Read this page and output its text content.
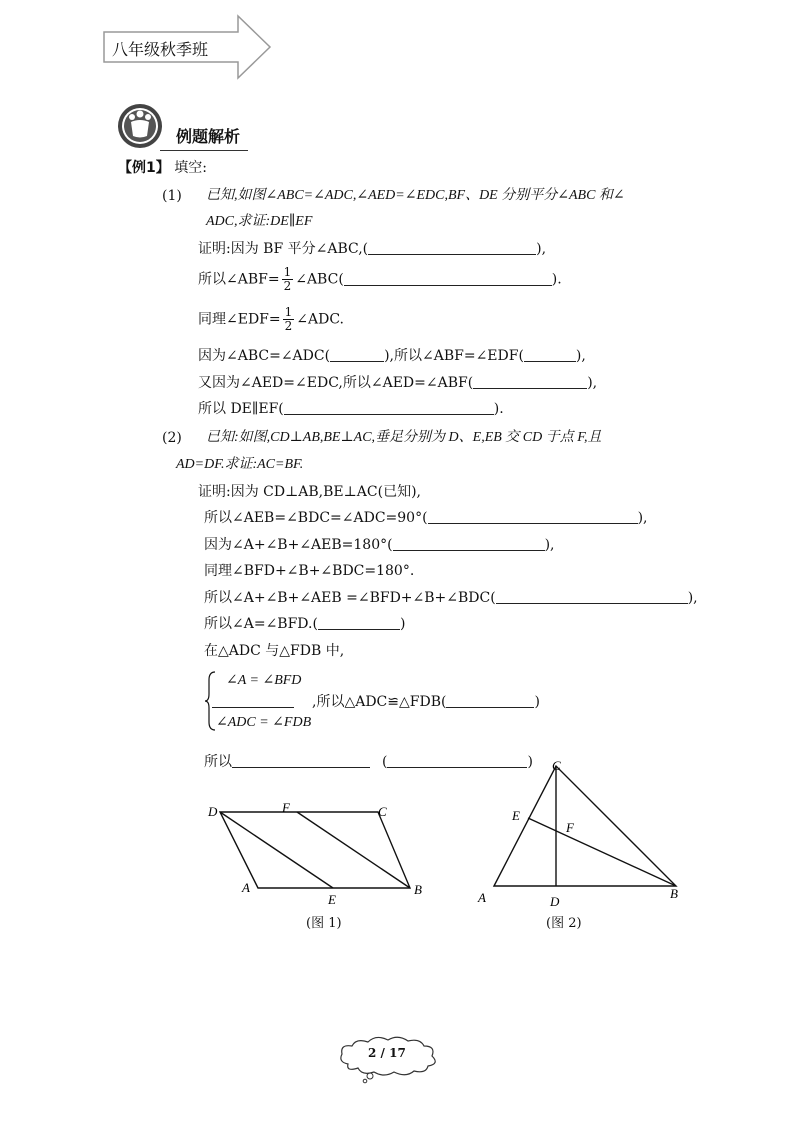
八年级秋季班
例题解析
【例1】 填空:
(1) 已知,如图∠ABC=∠ADC,∠AED=∠EDC,BF、DE 分别平分∠ABC 和∠
ADC,求证:DE∥EF
证明:因为 BF 平分∠ABC,(	),
所以∠ABF= $\frac{1}{2}$ ∠ABC(	).
同理∠EDF= $\frac{1}{2}$ ∠ADC.
因为∠ABC=∠ADC(	),所以∠ABF=∠EDF(	),
又因为∠AED=∠EDC,所以∠AED=∠ABF(	),
所以 DE∥EF(	).
(2) 已知:如图,CD⊥AB,BE⊥AC,垂足分别为 D、E,EB 交 CD 于点 F,且
AD=DF.求证:AC=BF.
证明:因为 CD⊥AB,BE⊥AC(已知),
所以∠AEB=∠BDC=∠ADC=90°(	),
因为∠A+∠B+∠AEB=180°(	),
同理∠BFD+∠B+∠BDC=180°.
所以∠A+∠B+∠AEB =∠BFD+∠B+∠BDC(	),
所以∠A=∠BFD.(	)
在△ADC 与△FDB 中,
∠A = ∠BFD
∠ADC = ∠FDB
,所以△ADC≌△FDB(	)
所以	(	)
D	F	C
A
E
B
(图 1)
C
E
F
A	D
B
(图 2)
2 / 17
